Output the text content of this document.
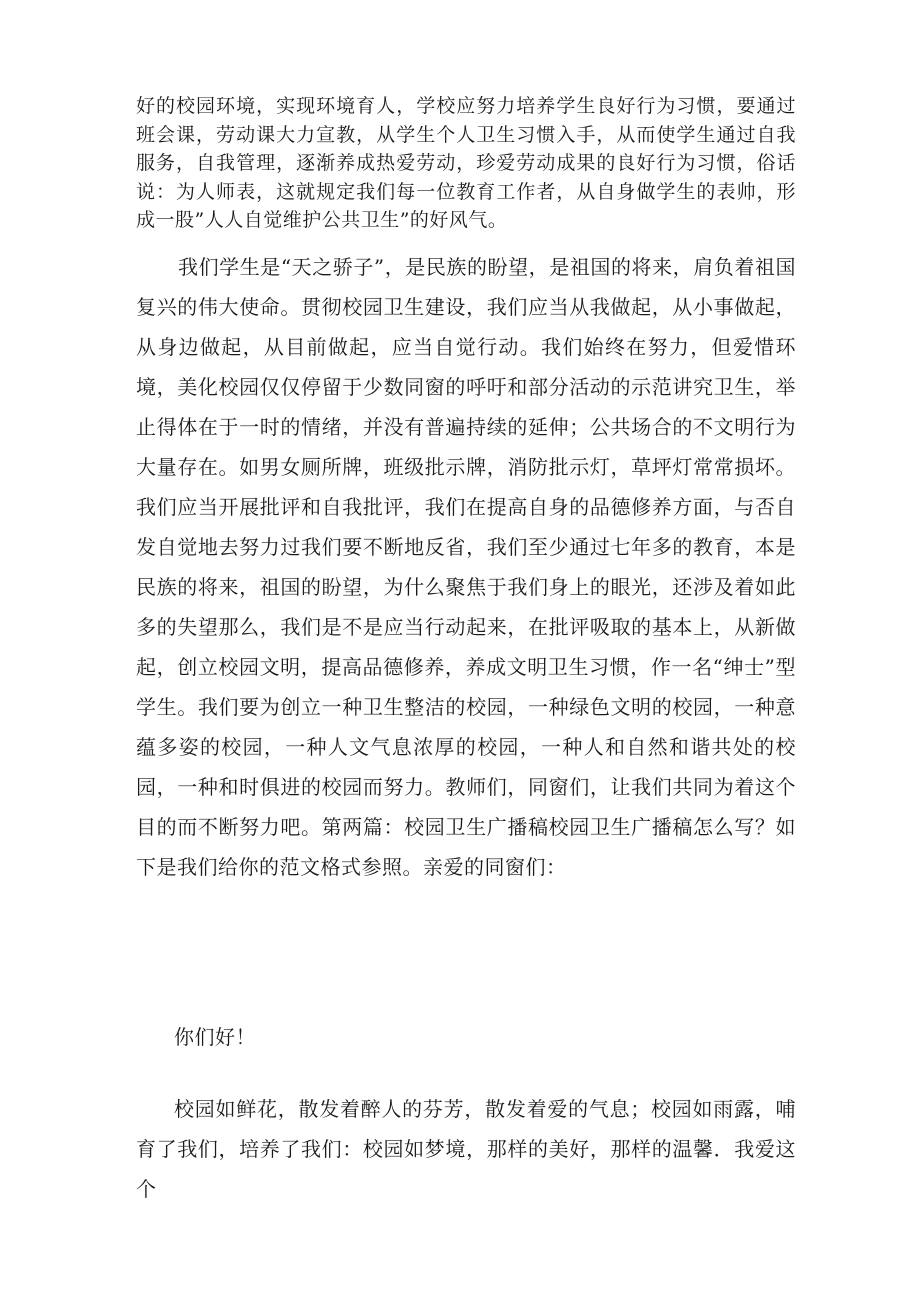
好的校园环境，实现环境育人，学校应努力培养学生良好行为习惯，要通过班会课，劳动课大力宣教，从学生个人卫生习惯入手，从而使学生通过自我服务，自我管理，逐渐养成热爱劳动，珍爱劳动成果的良好行为习惯，俗话说：为人师表，这就规定我们每一位教育工作者，从自身做学生的表帅，形成一股”人人自觉维护公共卫生”的好风气。

我们学生是“天之骄子”，是民族的盼望，是祖国的将来，肩负着祖国复兴的伟大使命。贯彻校园卫生建设，我们应当从我做起，从小事做起，从身边做起，从目前做起，应当自觉行动。我们始终在努力，但爱惜环境，美化校园仅仅停留于少数同窗的呼吁和部分活动的示范讲究卫生，举止得体在于一时的情绪，并没有普遍持续的延伸；公共场合的不文明行为大量存在。如男女厕所牌，班级批示牌，消防批示灯，草坪灯常常损坏。我们应当开展批评和自我批评，我们在提高自身的品德修养方面，与否自发自觉地去努力过我们要不断地反省，我们至少通过七年多的教育，本是民族的将来，祖国的盼望，为什么聚焦于我们身上的眼光，还涉及着如此多的失望那么，我们是不是应当行动起来，在批评吸取的基本上，从新做起，创立校园文明，提高品德修养，养成文明卫生习惯，作一名“绅士”型学生。我们要为创立一种卫生整洁的校园，一种绿色文明的校园，一种意蕴多姿的校园，一种人文气息浓厚的校园，一种人和自然和谐共处的校园，一种和时俱进的校园而努力。教师们，同窗们，让我们共同为着这个目的而不断努力吧。第两篇：校园卫生广播稿校园卫生广播稿怎么写？如下是我们给你的范文格式参照。亲爱的同窗们：

你们好！

校园如鲜花，散发着醉人的芬芳，散发着爱的气息；校园如雨露，哺育了我们，培养了我们：校园如梦境，那样的美好，那样的温馨．我爱这个
